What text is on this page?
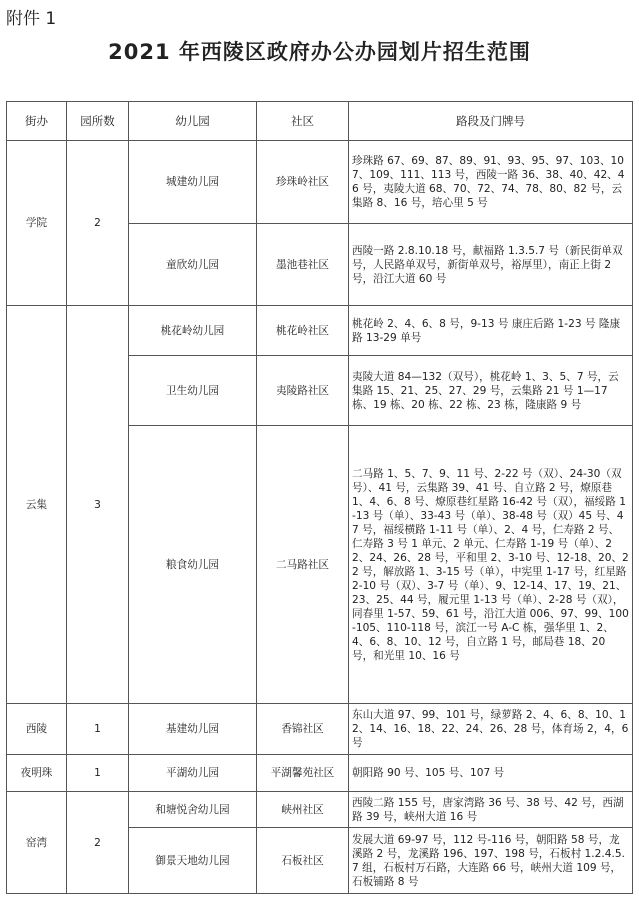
附件 1
2021 年西陵区政府办公办园划片招生范围
街办	园所数	幼儿园	社区	路段及门牌号
学院	2	城建幼儿园	珍珠岭社区	珍珠路 67、69、87、89、91、93、95、97、103、107、109、111、113 号，西陵一路 36、38、40、42、46 号，夷陵大道 68、70、72、74、78、80、82 号，云集路 8、16 号，培心里 5 号
		童欣幼儿园	墨池巷社区	西陵一路 2.8.10.18 号，献福路 1.3.5.7 号（新民街单双号，人民路单双号，新街单双号，裕厚里），南正上街 2 号，沿江大道 60 号
云集	3	桃花岭幼儿园	桃花岭社区	桃花岭 2、4、6、8 号，9-13 号 康庄后路 1-23 号 隆康路 13-29 单号
		卫生幼儿园	夷陵路社区	夷陵大道 84—132（双号），桃花岭 1、3、5、7 号，云集路 15、21、25、27、29 号，云集路 21 号 1—17 栋、19 栋、20 栋、22 栋、23 栋，隆康路 9 号
		粮食幼儿园	二马路社区	二马路 1、5、7、9、11 号、2-22 号（双）、24-30（双号）、41 号，云集路 39、41 号、自立路 2 号，燎原巷 1、4、6、8 号、燎原巷红星路 16-42 号（双），福绥路 1-13 号（单）、33-43 号（单）、38-48 号（双）45 号、47 号，福绥横路 1-11 号（单）、2、4 号，仁寿路 2 号、仁寿路 3 号 1 单元、2 单元、仁寿路 1-19 号（单）、22、24、26、28 号，平和里 2、3-10 号、12-18、20、22 号，解放路 1、3-15 号（单），中宪里 1-17 号，红星路 2-10 号（双）、3-7 号（单）、9、12-14、17、19、21、23、25、44 号，履元里 1-13 号（单）、2-28 号（双），同春里 1-57、59、61 号，沿江大道 006、97、99、100-105、110-118 号，滨江一号 A-C 栋，强华里 1、2、4、6、8、10、12 号，自立路 1 号，邮局巷 18、20 号，和光里 10、16 号
西陵	1	基建幼儿园	香锦社区	东山大道 97、99、101 号，绿萝路 2、4、6、8、10、12、14、16、18、22、24、26、28 号，体育场 2，4，6 号
夜明珠	1	平湖幼儿园	平湖馨苑社区	朝阳路 90 号、105 号、107 号
窑湾	2	和塘悦舍幼儿园	峡州社区	西陵二路 155 号，唐家湾路 36 号、38 号、42 号，西湖路 39 号，峡州大道 16 号
		御景天地幼儿园	石板社区	发展大道 69-97 号，112 号-116 号，朝阳路 58 号，龙溪路 2 号，龙溪路 196、197、198 号，石板村 1.2.4.5.7 组，石板村万石路，大连路 66 号，峡州大道 109 号，石板铺路 8 号
